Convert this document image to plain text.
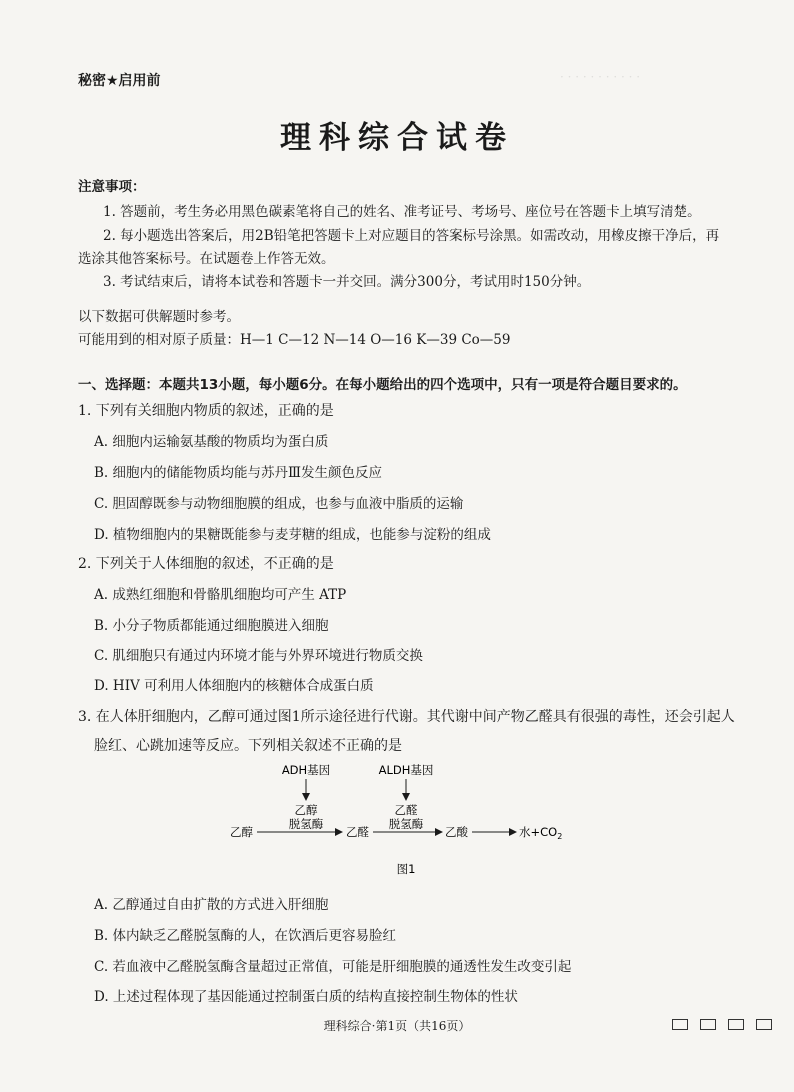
· · · · · · · · · · ·
秘密★启用前
理科综合试卷
注意事项：
1. 答题前，考生务必用黑色碳素笔将自己的姓名、准考证号、考场号、座位号在答题卡上填写清楚。
2. 每小题选出答案后，用2B铅笔把答题卡上对应题目的答案标号涂黑。如需改动，用橡皮擦干净后，再
选涂其他答案标号。在试题卷上作答无效。
3. 考试结束后，请将本试卷和答题卡一并交回。满分300分，考试用时150分钟。
以下数据可供解题时参考。
可能用到的相对原子质量：H—1 C—12 N—14 O—16 K—39 Co—59
一、选择题：本题共13小题，每小题6分。在每小题给出的四个选项中，只有一项是符合题目要求的。
1. 下列有关细胞内物质的叙述，正确的是
A. 细胞内运输氨基酸的物质均为蛋白质
B. 细胞内的储能物质均能与苏丹Ⅲ发生颜色反应
C. 胆固醇既参与动物细胞膜的组成，也参与血液中脂质的运输
D. 植物细胞内的果糖既能参与麦芽糖的组成，也能参与淀粉的组成
2. 下列关于人体细胞的叙述，不正确的是
A. 成熟红细胞和骨骼肌细胞均可产生 ATP
B. 小分子物质都能通过细胞膜进入细胞
C. 肌细胞只有通过内环境才能与外界环境进行物质交换
D. HIV 可利用人体细胞内的核糖体合成蛋白质
3. 在人体肝细胞内，乙醇可通过图1所示途径进行代谢。其代谢中间产物乙醛具有很强的毒性，还会引起人
脸红、心跳加速等反应。下列相关叙述不正确的是
ADH基因	ALDH基因
乙醇
脱氢酶
乙醛
脱氢酶
乙醇	乙醛	乙酸	水$+CO_2$
图1
A. 乙醇通过自由扩散的方式进入肝细胞
B. 体内缺乏乙醛脱氢酶的人，在饮酒后更容易脸红
C. 若血液中乙醛脱氢酶含量超过正常值，可能是肝细胞膜的通透性发生改变引起
D. 上述过程体现了基因能通过控制蛋白质的结构直接控制生物体的性状
理科综合·第1页（共16页）
